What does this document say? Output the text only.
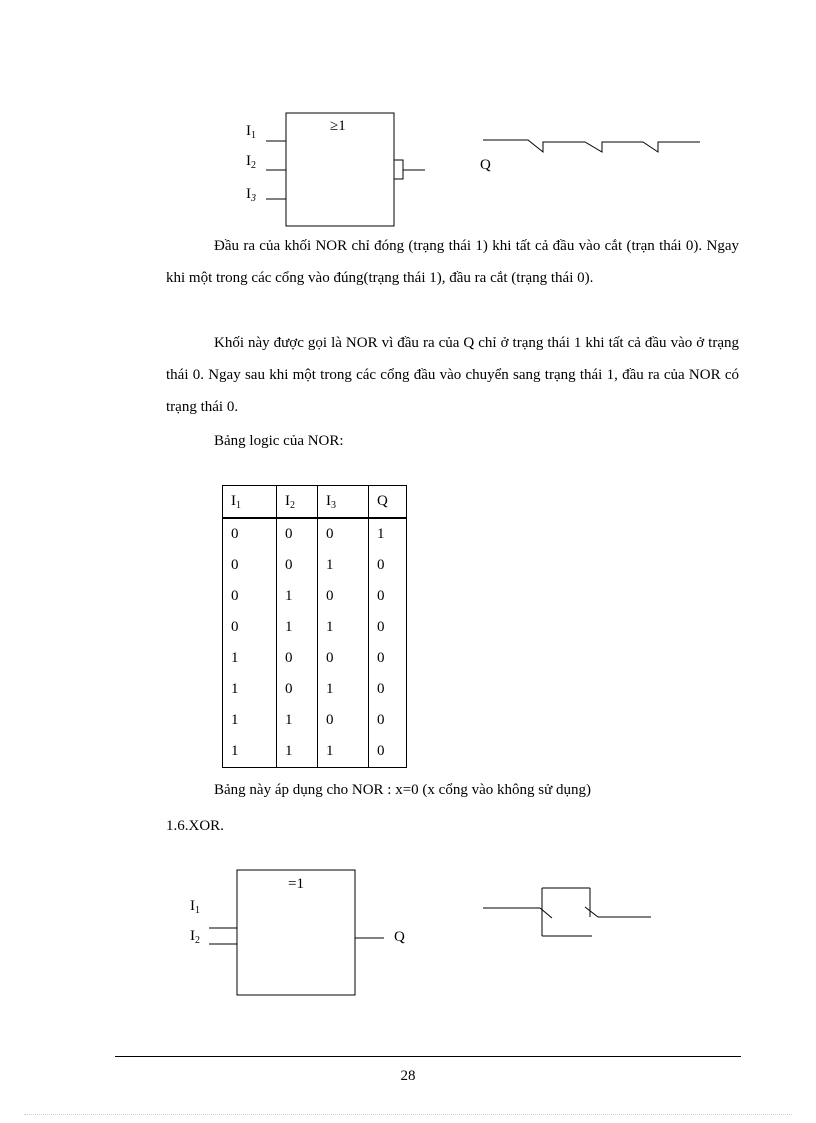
$I_1$
$I_2$
$I_3$
≥1
Q

Đầu ra của khối NOR chỉ đóng (trạng thái 1) khi tất cả đầu vào cắt (trạn thái 0). Ngay khi một trong các cổng vào đúng(trạng thái 1), đầu ra cắt (trạng thái 0).

Khối này được gọi là NOR vì đầu ra của Q chỉ ở trạng thái 1 khi tất cả đầu vào ở trạng thái 0. Ngay sau khi một trong các cổng đầu vào chuyển sang trạng thái 1, đầu ra của NOR có trạng thái 0.

Bảng logic của NOR:

$I_1$	$I_2$	$I_3$	Q
0	0	0	1
0	0	1	0
0	1	0	0
0	1	1	0
1	0	0	0
1	0	1	0
1	1	0	0
1	1	1	0

Bảng này áp dụng cho NOR : x=0 (x cổng vào không sử dụng)

1.6.XOR.

$I_1$
$I_2$
=1
Q
28
